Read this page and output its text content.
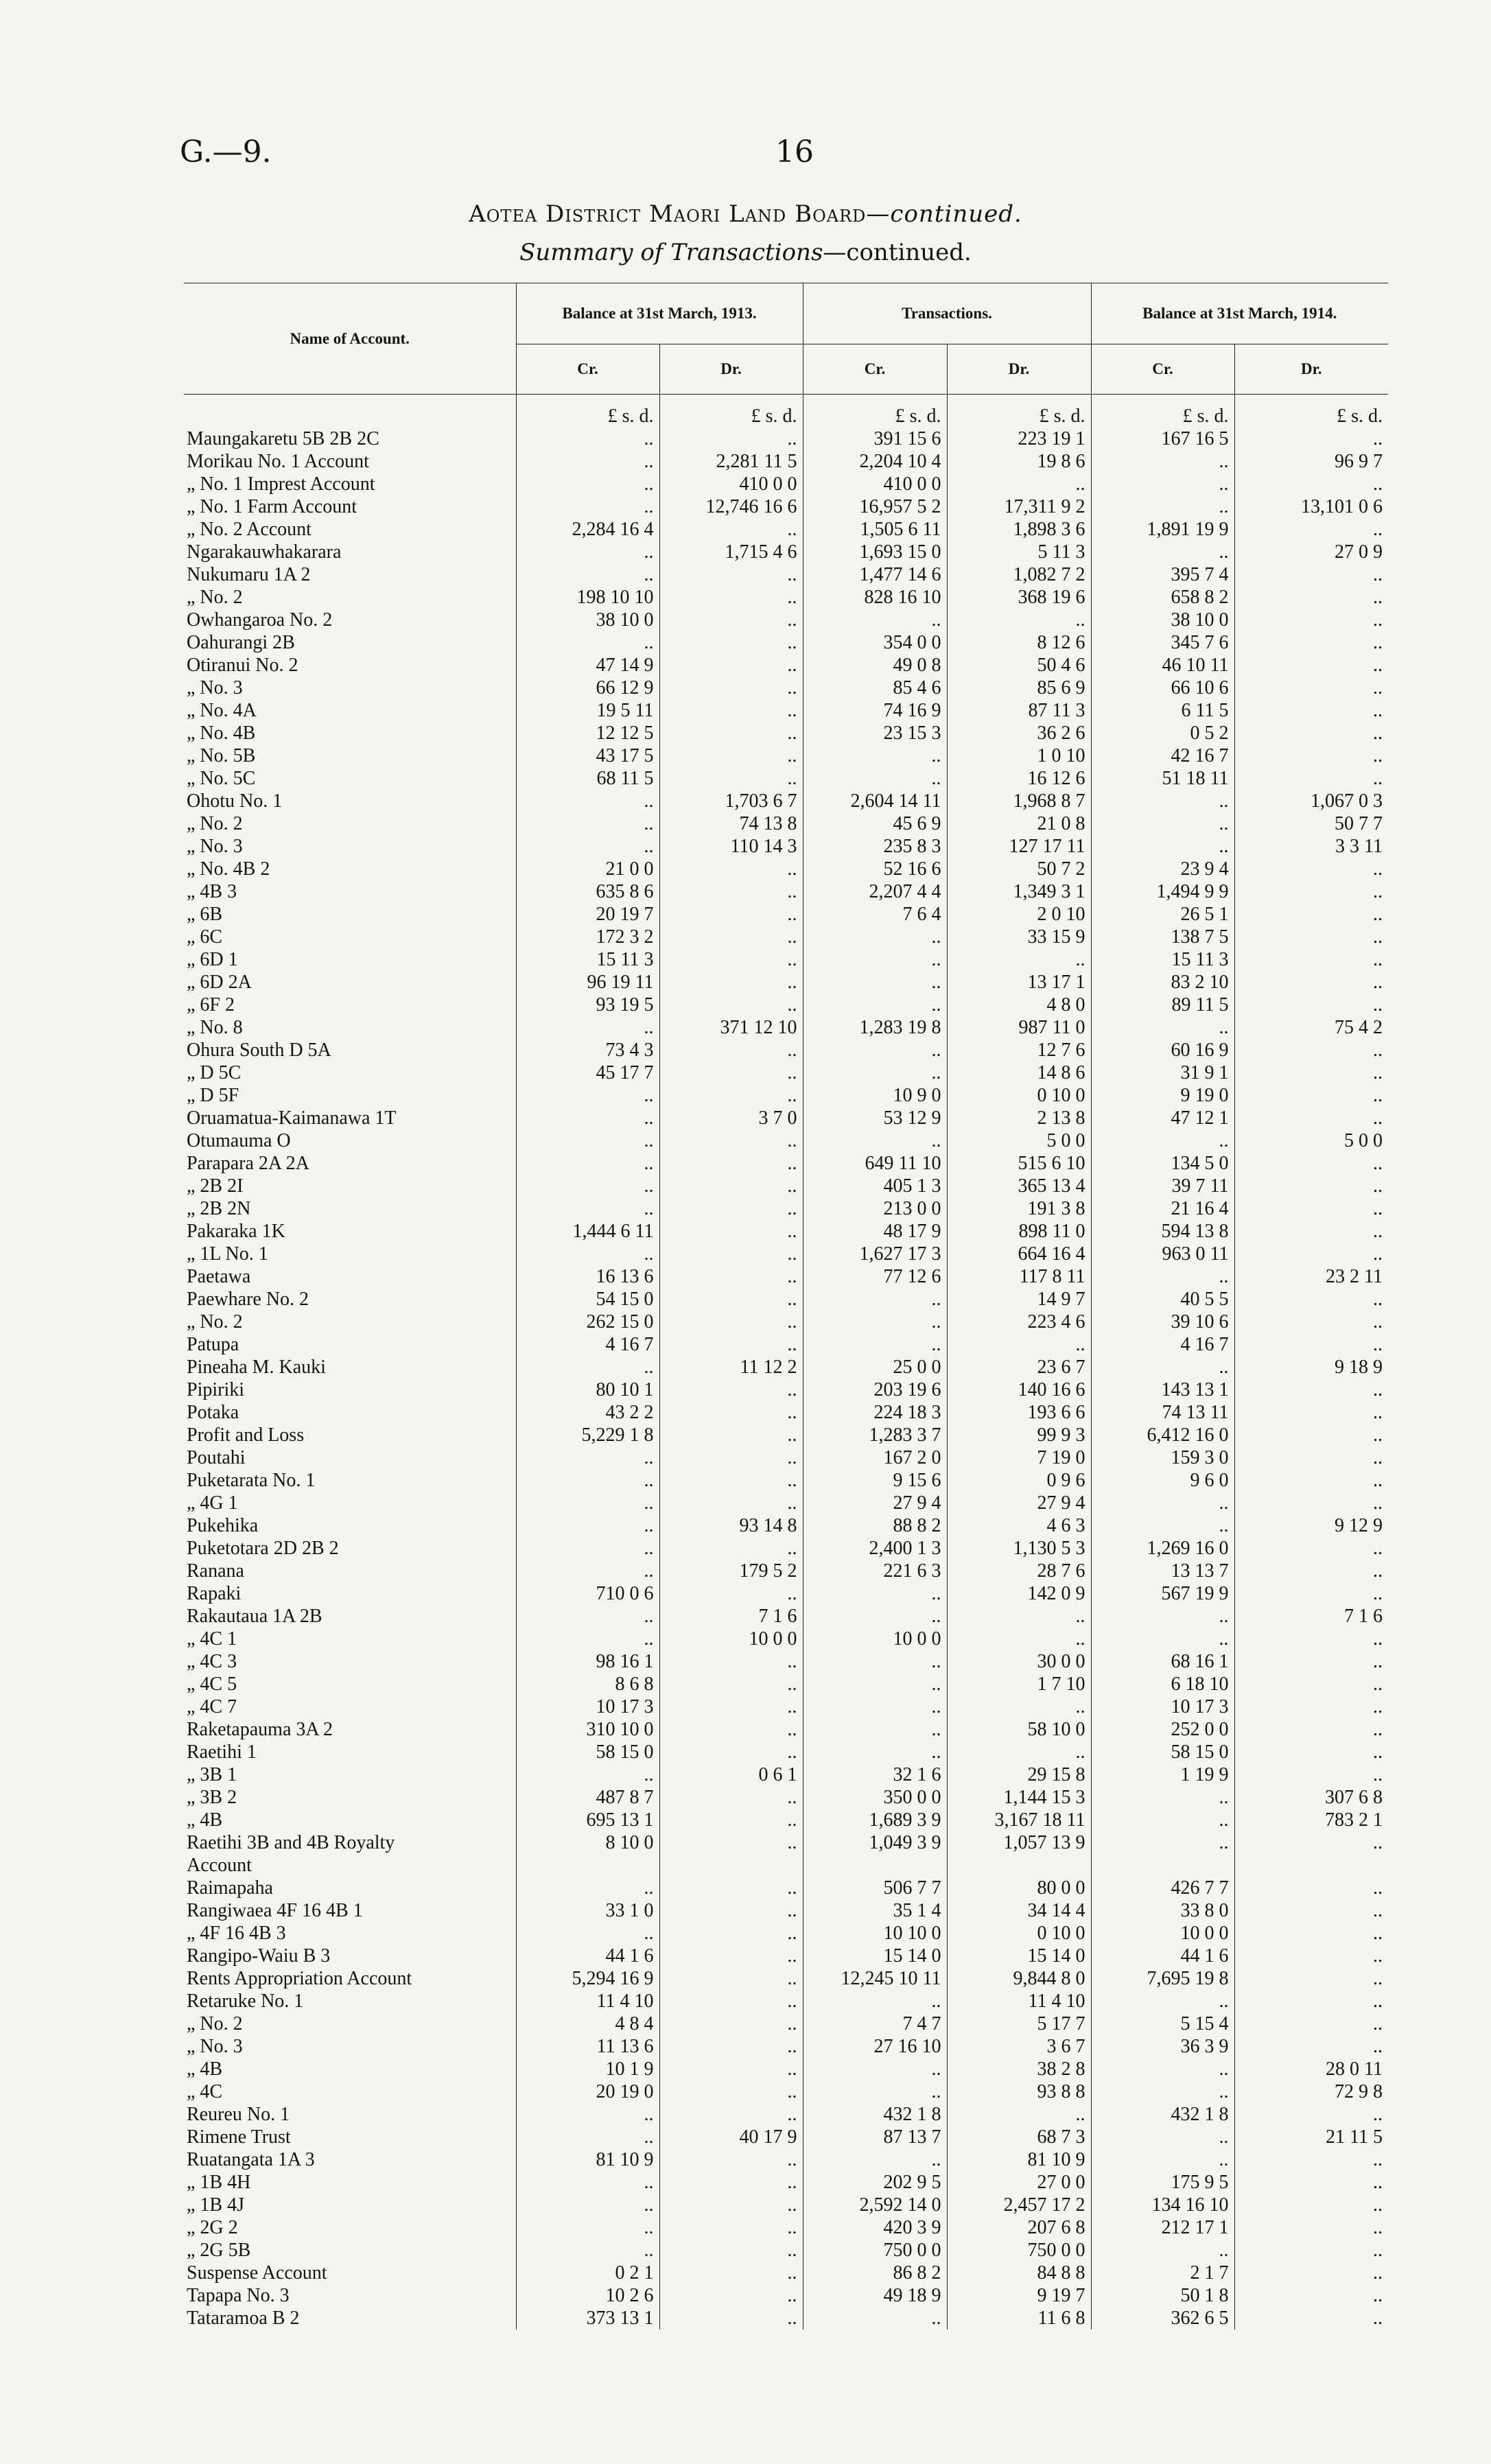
G.—9.	16
Aotea District Maori Land Board—continued.
Summary of Transactions—continued.
Name of Account.	Balance at 31st March, 1913.		Transactions.		Balance at 31st March, 1914.	
	Cr.	Dr.	Cr.	Dr.	Cr.	Dr.
	£ s. d.	£ s. d.	£ s. d.	£ s. d.	£ s. d.	£ s. d.
Maungakaretu 5B 2B 2C	..	..	391 15 6	223 19 1	167 16 5	..
Morikau No. 1 Account	..	2,281 11 5	2,204 10 4	19 8 6	..	96 9 7
„ No. 1 Imprest Account	..	410 0 0	410 0 0	..	..	..
„ No. 1 Farm Account	..	12,746 16 6	16,957 5 2	17,311 9 2	..	13,101 0 6
„ No. 2 Account	2,284 16 4	..	1,505 6 11	1,898 3 6	1,891 19 9	..
Ngarakauwhakarara	..	1,715 4 6	1,693 15 0	5 11 3	..	27 0 9
Nukumaru 1A 2	..	..	1,477 14 6	1,082 7 2	395 7 4	..
„ No. 2	198 10 10	..	828 16 10	368 19 6	658 8 2	..
Owhangaroa No. 2	38 10 0	..	..	..	38 10 0	..
Oahurangi 2B	..	..	354 0 0	8 12 6	345 7 6	..
Otiranui No. 2	47 14 9	..	49 0 8	50 4 6	46 10 11	..
„ No. 3	66 12 9	..	85 4 6	85 6 9	66 10 6	..
„ No. 4A	19 5 11	..	74 16 9	87 11 3	6 11 5	..
„ No. 4B	12 12 5	..	23 15 3	36 2 6	0 5 2	..
„ No. 5B	43 17 5	..	..	1 0 10	42 16 7	..
„ No. 5C	68 11 5	..	..	16 12 6	51 18 11	..
Ohotu No. 1	..	1,703 6 7	2,604 14 11	1,968 8 7	..	1,067 0 3
„ No. 2	..	74 13 8	45 6 9	21 0 8	..	50 7 7
„ No. 3	..	110 14 3	235 8 3	127 17 11	..	3 3 11
„ No. 4B 2	21 0 0	..	52 16 6	50 7 2	23 9 4	..
„ 4B 3	635 8 6	..	2,207 4 4	1,349 3 1	1,494 9 9	..
„ 6B	20 19 7	..	7 6 4	2 0 10	26 5 1	..
„ 6C	172 3 2	..	..	33 15 9	138 7 5	..
„ 6D 1	15 11 3	..	..	..	15 11 3	..
„ 6D 2A	96 19 11	..	..	13 17 1	83 2 10	..
„ 6F 2	93 19 5	..	..	4 8 0	89 11 5	..
„ No. 8	..	371 12 10	1,283 19 8	987 11 0	..	75 4 2
Ohura South D 5A	73 4 3	..	..	12 7 6	60 16 9	..
„ D 5C	45 17 7	..	..	14 8 6	31 9 1	..
„ D 5F	..	..	10 9 0	0 10 0	9 19 0	..
Oruamatua-Kaimanawa 1T	..	3 7 0	53 12 9	2 13 8	47 12 1	..
Otumauma O	..	..	..	5 0 0	..	5 0 0
Parapara 2A 2A	..	..	649 11 10	515 6 10	134 5 0	..
„ 2B 2I	..	..	405 1 3	365 13 4	39 7 11	..
„ 2B 2N	..	..	213 0 0	191 3 8	21 16 4	..
Pakaraka 1K	1,444 6 11	..	48 17 9	898 11 0	594 13 8	..
„ 1L No. 1	..	..	1,627 17 3	664 16 4	963 0 11	..
Paetawa	16 13 6	..	77 12 6	117 8 11	..	23 2 11
Paewhare No. 2	54 15 0	..	..	14 9 7	40 5 5	..
„ No. 2	262 15 0	..	..	223 4 6	39 10 6	..
Patupa	4 16 7	..	..	..	4 16 7	..
Pineaha M. Kauki	..	11 12 2	25 0 0	23 6 7	..	9 18 9
Pipiriki	80 10 1	..	203 19 6	140 16 6	143 13 1	..
Potaka	43 2 2	..	224 18 3	193 6 6	74 13 11	..
Profit and Loss	5,229 1 8	..	1,283 3 7	99 9 3	6,412 16 0	..
Poutahi	..	..	167 2 0	7 19 0	159 3 0	..
Puketarata No. 1	..	..	9 15 6	0 9 6	9 6 0	..
„ 4G 1	..	..	27 9 4	27 9 4	..	..
Pukehika	..	93 14 8	88 8 2	4 6 3	..	9 12 9
Puketotara 2D 2B 2	..	..	2,400 1 3	1,130 5 3	1,269 16 0	..
Ranana	..	179 5 2	221 6 3	28 7 6	13 13 7	..
Rapaki	710 0 6	..	..	142 0 9	567 19 9	..
Rakautaua 1A 2B	..	7 1 6	..	..	..	7 1 6
„ 4C 1	..	10 0 0	10 0 0	..	..	..
„ 4C 3	98 16 1	..	..	30 0 0	68 16 1	..
„ 4C 5	8 6 8	..	..	1 7 10	6 18 10	..
„ 4C 7	10 17 3	..	..	..	10 17 3	..
Raketapauma 3A 2	310 10 0	..	..	58 10 0	252 0 0	..
Raetihi 1	58 15 0	..	..	..	58 15 0	..
„ 3B 1	..	0 6 1	32 1 6	29 15 8	1 19 9	..
„ 3B 2	487 8 7	..	350 0 0	1,144 15 3	..	307 6 8
„ 4B	695 13 1	..	1,689 3 9	3,167 18 11	..	783 2 1
Raetihi 3B and 4B Royalty	8 10 0	..	1,049 3 9	1,057 13 9	..	..
Account						
Raimapaha	..	..	506 7 7	80 0 0	426 7 7	..
Rangiwaea 4F 16 4B 1	33 1 0	..	35 1 4	34 14 4	33 8 0	..
„ 4F 16 4B 3	..	..	10 10 0	0 10 0	10 0 0	..
Rangipo-Waiu B 3	44 1 6	..	15 14 0	15 14 0	44 1 6	..
Rents Appropriation Account	5,294 16 9	..	12,245 10 11	9,844 8 0	7,695 19 8	..
Retaruke No. 1	11 4 10	..	..	11 4 10	..	..
„ No. 2	4 8 4	..	7 4 7	5 17 7	5 15 4	..
„ No. 3	11 13 6	..	27 16 10	3 6 7	36 3 9	..
„ 4B	10 1 9	..	..	38 2 8	..	28 0 11
„ 4C	20 19 0	..	..	93 8 8	..	72 9 8
Reureu No. 1	..	..	432 1 8	..	432 1 8	..
Rimene Trust	..	40 17 9	87 13 7	68 7 3	..	21 11 5
Ruatangata 1A 3	81 10 9	..	..	81 10 9	..	..
„ 1B 4H	..	..	202 9 5	27 0 0	175 9 5	..
„ 1B 4J	..	..	2,592 14 0	2,457 17 2	134 16 10	..
„ 2G 2	..	..	420 3 9	207 6 8	212 17 1	..
„ 2G 5B	..	..	750 0 0	750 0 0	..	..
Suspense Account	0 2 1	..	86 8 2	84 8 8	2 1 7	..
Tapapa No. 3	10 2 6	..	49 18 9	9 19 7	50 1 8	..
Tataramoa B 2	373 13 1	..	..	11 6 8	362 6 5	..
